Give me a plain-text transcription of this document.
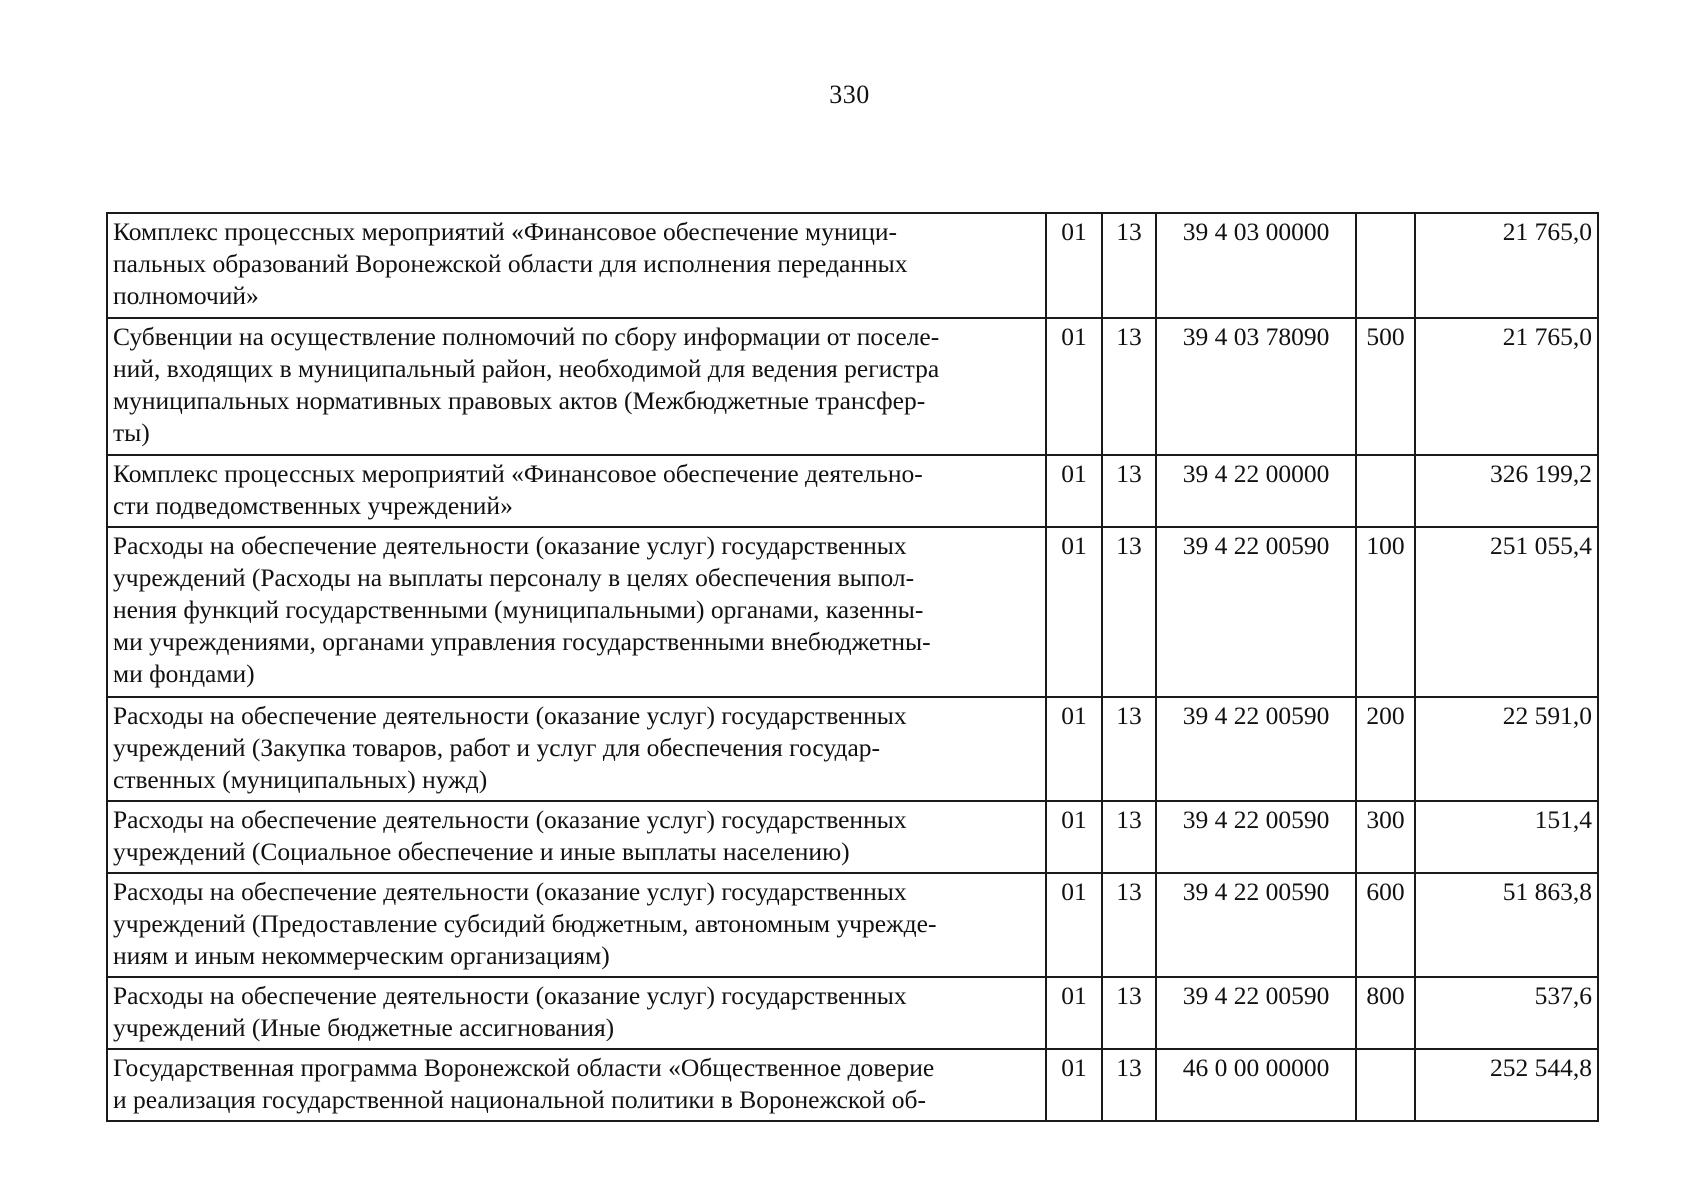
330
Комплекс процессных мероприятий «Финансовое обеспечение муници-
пальных образований Воронежской области для исполнения переданных
полномочий»	01	13	39 4 03 00000		21 765,0

Субвенции на осуществление полномочий по сбору информации от поселе-
ний, входящих в муниципальный район, необходимой для ведения регистра
муниципальных нормативных правовых актов (Межбюджетные трансфер-
ты)	01	13	39 4 03 78090	500	21 765,0

Комплекс процессных мероприятий «Финансовое обеспечение деятельно-
сти подведомственных учреждений»	01	13	39 4 22 00000		326 199,2

Расходы на обеспечение деятельности (оказание услуг) государственных
учреждений (Расходы на выплаты персоналу в целях обеспечения выпол-
нения функций государственными (муниципальными) органами, казенны-
ми учреждениями, органами управления государственными внебюджетны-
ми фондами)	01	13	39 4 22 00590	100	251 055,4

Расходы на обеспечение деятельности (оказание услуг) государственных
учреждений (Закупка товаров, работ и услуг для обеспечения государ-
ственных (муниципальных) нужд)	01	13	39 4 22 00590	200	22 591,0

Расходы на обеспечение деятельности (оказание услуг) государственных
учреждений (Социальное обеспечение и иные выплаты населению)	01	13	39 4 22 00590	300	151,4

Расходы на обеспечение деятельности (оказание услуг) государственных
учреждений (Предоставление субсидий бюджетным, автономным учрежде-
ниям и иным некоммерческим организациям)	01	13	39 4 22 00590	600	51 863,8

Расходы на обеспечение деятельности (оказание услуг) государственных
учреждений (Иные бюджетные ассигнования)	01	13	39 4 22 00590	800	537,6

Государственная программа Воронежской области «Общественное доверие
и реализация государственной национальной политики в Воронежской об-	01	13	46 0 00 00000		252 544,8
